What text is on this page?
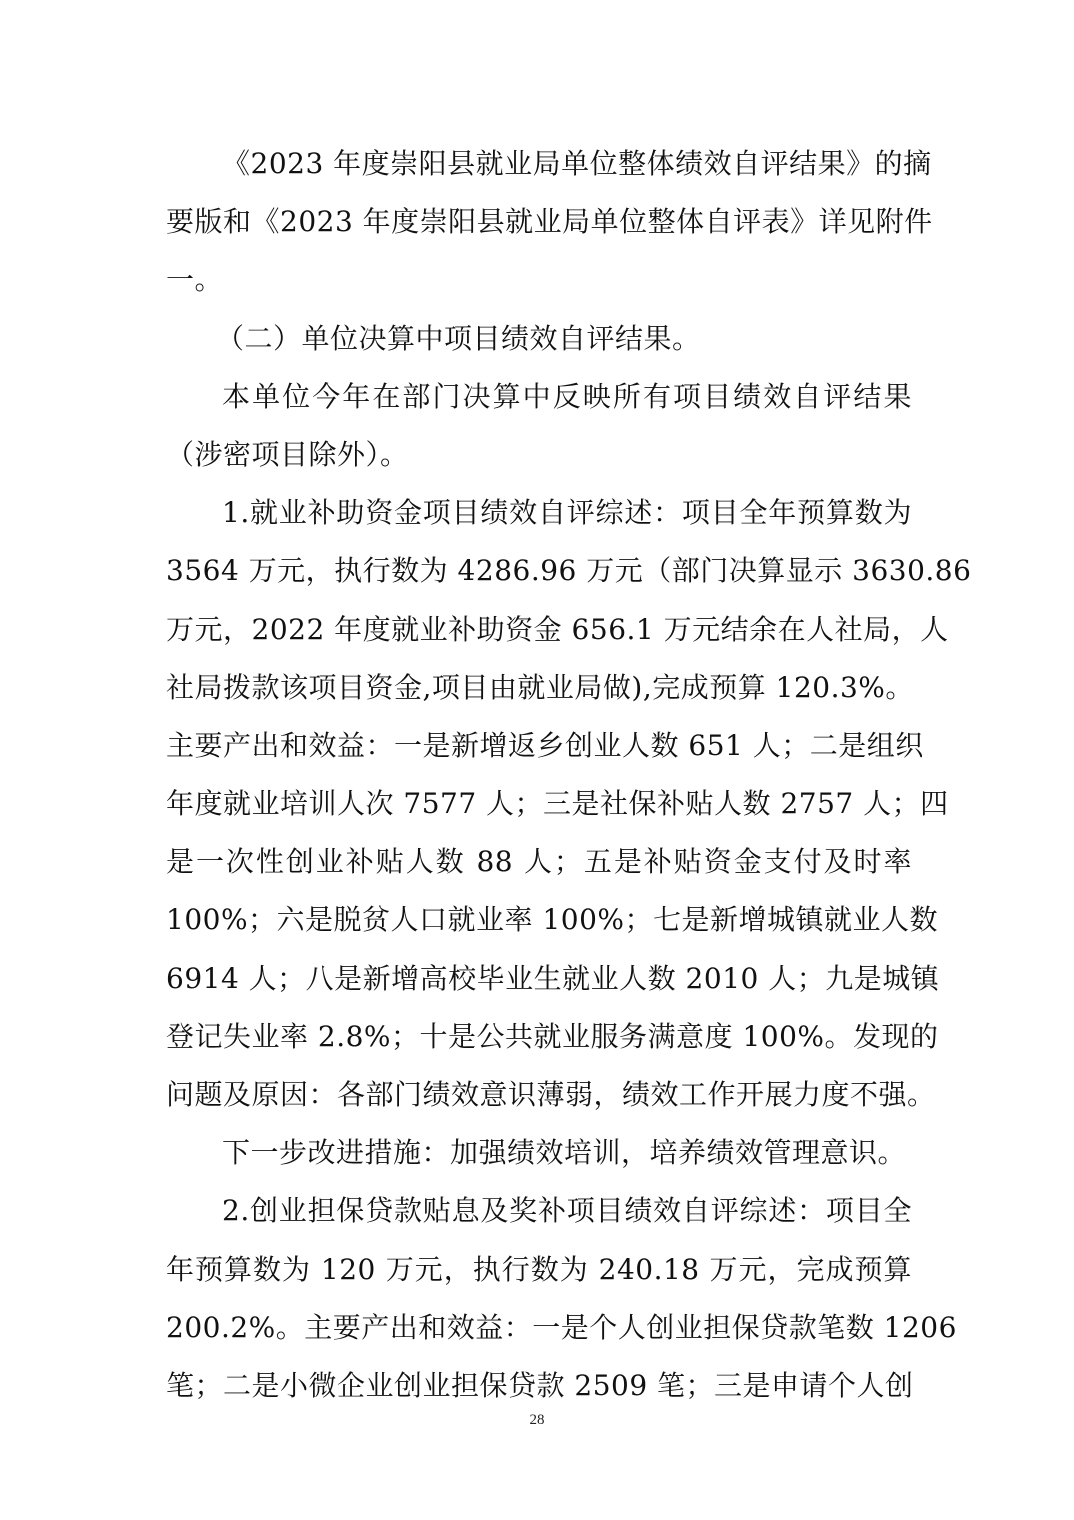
《2023 年度崇阳县就业局单位整体绩效自评结果》的摘
要版和《2023 年度崇阳县就业局单位整体自评表》详见附件
一。
（二）单位决算中项目绩效自评结果。
本单位今年在部门决算中反映所有项目绩效自评结果
（涉密项目除外）。
1.就业补助资金项目绩效自评综述：项目全年预算数为
3564 万元，执行数为 4286.96 万元（部门决算显示 3630.86
万元，2022 年度就业补助资金 656.1 万元结余在人社局，人
社局拨款该项目资金,项目由就业局做),完成预算 120.3%。
主要产出和效益：一是新增返乡创业人数 651 人；二是组织
年度就业培训人次 7577 人；三是社保补贴人数 2757 人；四
是一次性创业补贴人数 88 人；五是补贴资金支付及时率
100%；六是脱贫人口就业率 100%；七是新增城镇就业人数
6914 人；八是新增高校毕业生就业人数 2010 人；九是城镇
登记失业率 2.8%；十是公共就业服务满意度 100%。发现的
问题及原因：各部门绩效意识薄弱，绩效工作开展力度不强。
下一步改进措施：加强绩效培训，培养绩效管理意识。
2.创业担保贷款贴息及奖补项目绩效自评综述：项目全
年预算数为 120 万元，执行数为 240.18 万元，完成预算
200.2%。主要产出和效益：一是个人创业担保贷款笔数 1206
笔；二是小微企业创业担保贷款 2509 笔；三是申请个人创
28
